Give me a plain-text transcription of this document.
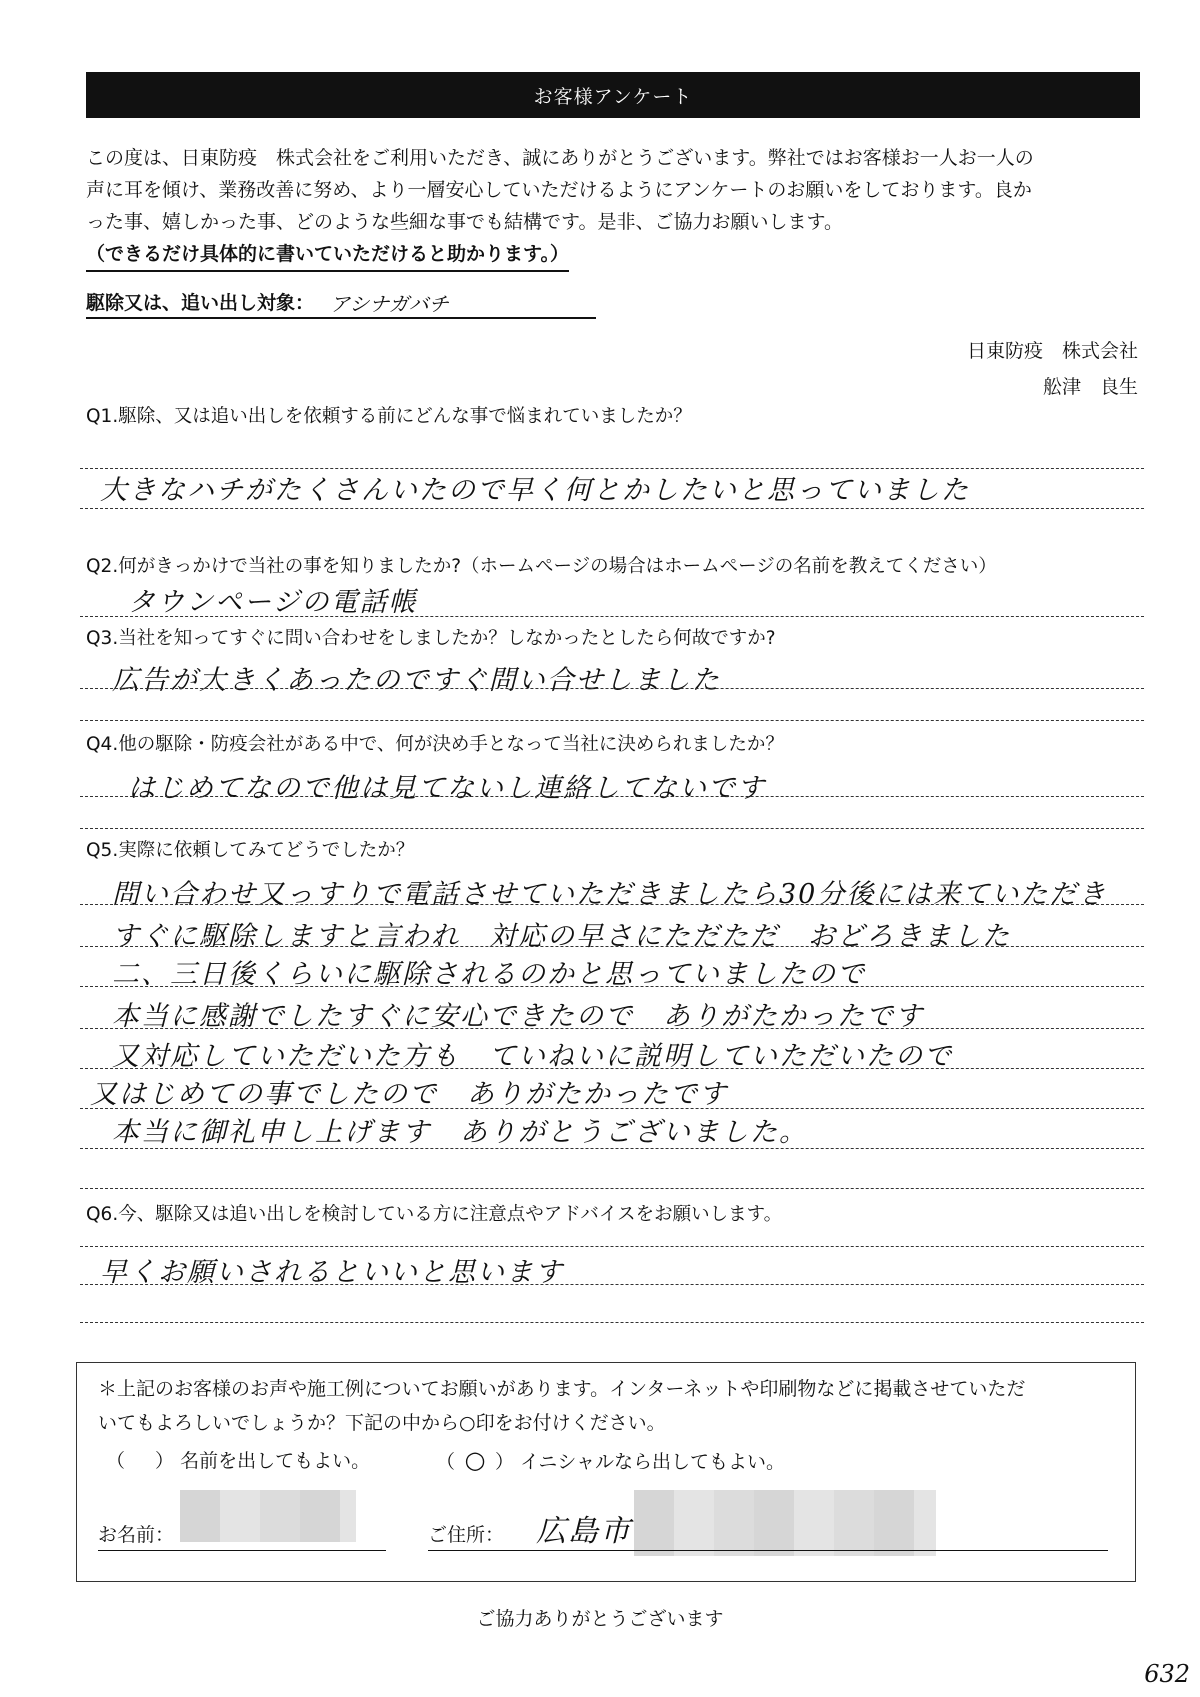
お客様アンケート

この度は、日東防疫　株式会社をご利用いただき、誠にありがとうございます。弊社ではお客様お一人お一人の

声に耳を傾け、業務改善に努め、より一層安心していただけるようにアンケートのお願いをしております。良か

った事、嬉しかった事、どのような些細な事でも結構です。是非、ご協力お願いします。

（できるだけ具体的に書いていただけると助かります。）

駆除又は、追い出し対象： アシナガバチ
日東防疫　株式会社
舩津　良生
Q1.駆除、又は追い出しを依頼する前にどんな事で悩まれていましたか？
大きなハチがたくさんいたので早く何とかしたいと思っていました
Q2.何がきっかけで当社の事を知りましたか?（ホームページの場合はホームページの名前を教えてください）
タウンページの電話帳
Q3.当社を知ってすぐに問い合わせをしましたか？しなかったとしたら何故ですか?
広告が大きくあったのですぐ問い合せしました
Q4.他の駆除・防疫会社がある中で、何が決め手となって当社に決められましたか？
はじめてなので他は見てないし連絡してないです
Q5.実際に依頼してみてどうでしたか？
問い合わせ又っすりで電話させていただきましたら30分後には来ていただき
すぐに駆除しますと言われ　対応の早さにただただ　おどろきました
二、三日後くらいに駆除されるのかと思っていましたので
本当に感謝でしたすぐに安心できたので　ありがたかったです
又対応していただいた方も　ていねいに説明していただいたので
又はじめての事でしたので　ありがたかったです
本当に御礼申し上げます　ありがとうございました。
Q6.今、駆除又は追い出しを検討している方に注意点やアドバイスをお願いします。
早くお願いされるといいと思います
＊上記のお客様のお声や施工例についてお願いがあります。インターネットや印刷物などに掲載させていただ
いてもよろしいでしょうか？下記の中から○印をお付けください。
（ ） 名前を出してもよい。	（ ○ ） イニシャルなら出してもよい。
お名前：	ご住所： 広島市
ご協力ありがとうございます
632
